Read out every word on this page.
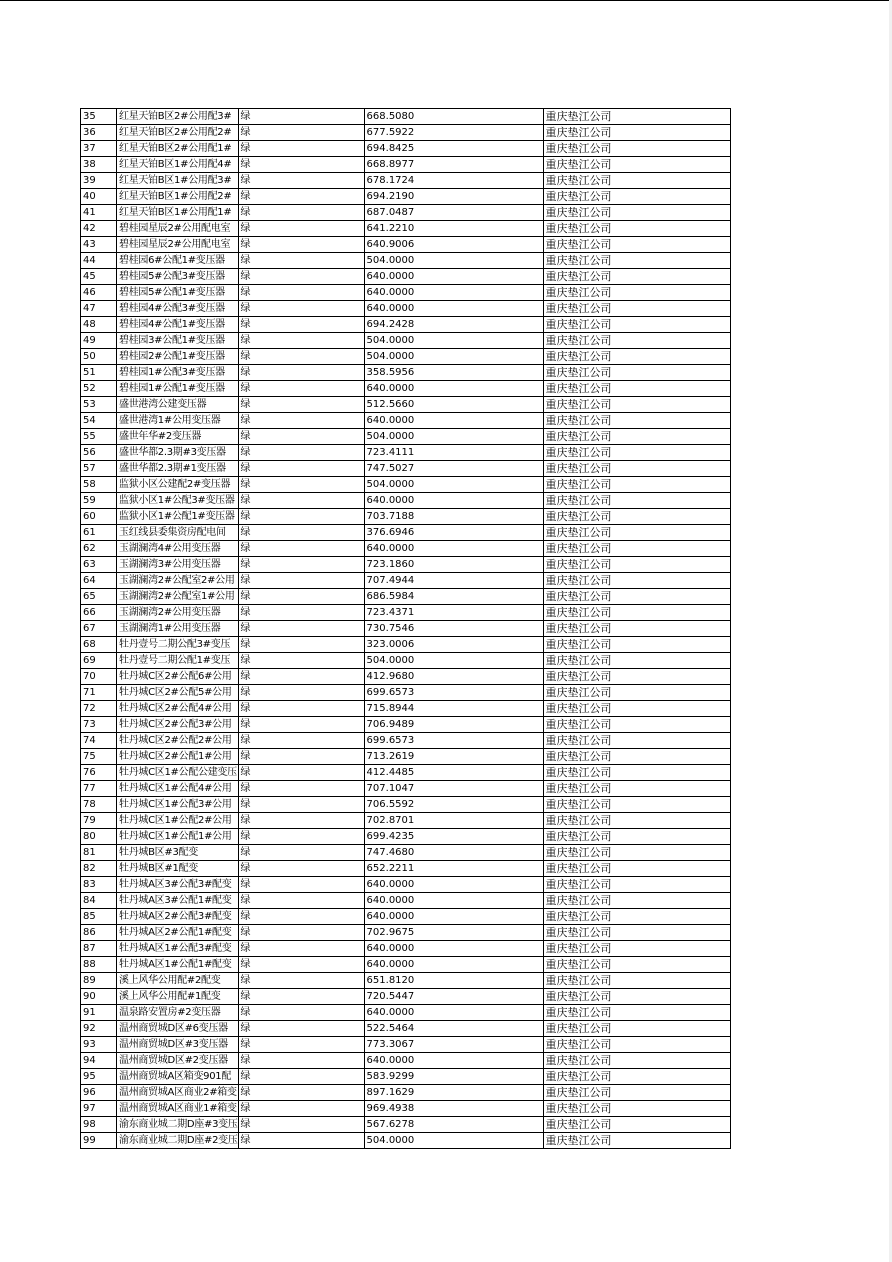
35	红星天铂B区2#公用配3#	绿	668.5080	重庆垫江公司
36	红星天铂B区2#公用配2#	绿	677.5922	重庆垫江公司
37	红星天铂B区2#公用配1#	绿	694.8425	重庆垫江公司
38	红星天铂B区1#公用配4#	绿	668.8977	重庆垫江公司
39	红星天铂B区1#公用配3#	绿	678.1724	重庆垫江公司
40	红星天铂B区1#公用配2#	绿	694.2190	重庆垫江公司
41	红星天铂B区1#公用配1#	绿	687.0487	重庆垫江公司
42	碧桂园星辰2#公用配电室	绿	641.2210	重庆垫江公司
43	碧桂园星辰2#公用配电室	绿	640.9006	重庆垫江公司
44	碧桂园6#公配1#变压器	绿	504.0000	重庆垫江公司
45	碧桂园5#公配3#变压器	绿	640.0000	重庆垫江公司
46	碧桂园5#公配1#变压器	绿	640.0000	重庆垫江公司
47	碧桂园4#公配3#变压器	绿	640.0000	重庆垫江公司
48	碧桂园4#公配1#变压器	绿	694.2428	重庆垫江公司
49	碧桂园3#公配1#变压器	绿	504.0000	重庆垫江公司
50	碧桂园2#公配1#变压器	绿	504.0000	重庆垫江公司
51	碧桂园1#公配3#变压器	绿	358.5956	重庆垫江公司
52	碧桂园1#公配1#变压器	绿	640.0000	重庆垫江公司
53	盛世港湾公建变压器	绿	512.5660	重庆垫江公司
54	盛世港湾1#公用变压器	绿	640.0000	重庆垫江公司
55	盛世年华#2变压器	绿	504.0000	重庆垫江公司
56	盛世华都2.3期#3变压器	绿	723.4111	重庆垫江公司
57	盛世华都2.3期#1变压器	绿	747.5027	重庆垫江公司
58	监狱小区公建配2#变压器	绿	504.0000	重庆垫江公司
59	监狱小区1#公配3#变压器	绿	640.0000	重庆垫江公司
60	监狱小区1#公配1#变压器	绿	703.7188	重庆垫江公司
61	玉红线县委集资房配电间	绿	376.6946	重庆垫江公司
62	玉湖澜湾4#公用变压器	绿	640.0000	重庆垫江公司
63	玉湖澜湾3#公用变压器	绿	723.1860	重庆垫江公司
64	玉湖澜湾2#公配室2#公用	绿	707.4944	重庆垫江公司
65	玉湖澜湾2#公配室1#公用	绿	686.5984	重庆垫江公司
66	玉湖澜湾2#公用变压器	绿	723.4371	重庆垫江公司
67	玉湖澜湾1#公用变压器	绿	730.7546	重庆垫江公司
68	牡丹壹号二期公配3#变压	绿	323.0006	重庆垫江公司
69	牡丹壹号二期公配1#变压	绿	504.0000	重庆垫江公司
70	牡丹城C区2#公配6#公用	绿	412.9680	重庆垫江公司
71	牡丹城C区2#公配5#公用	绿	699.6573	重庆垫江公司
72	牡丹城C区2#公配4#公用	绿	715.8944	重庆垫江公司
73	牡丹城C区2#公配3#公用	绿	706.9489	重庆垫江公司
74	牡丹城C区2#公配2#公用	绿	699.6573	重庆垫江公司
75	牡丹城C区2#公配1#公用	绿	713.2619	重庆垫江公司
76	牡丹城C区1#公配公建变压	绿	412.4485	重庆垫江公司
77	牡丹城C区1#公配4#公用	绿	707.1047	重庆垫江公司
78	牡丹城C区1#公配3#公用	绿	706.5592	重庆垫江公司
79	牡丹城C区1#公配2#公用	绿	702.8701	重庆垫江公司
80	牡丹城C区1#公配1#公用	绿	699.4235	重庆垫江公司
81	牡丹城B区#3配变	绿	747.4680	重庆垫江公司
82	牡丹城B区#1配变	绿	652.2211	重庆垫江公司
83	牡丹城A区3#公配3#配变	绿	640.0000	重庆垫江公司
84	牡丹城A区3#公配1#配变	绿	640.0000	重庆垫江公司
85	牡丹城A区2#公配3#配变	绿	640.0000	重庆垫江公司
86	牡丹城A区2#公配1#配变	绿	702.9675	重庆垫江公司
87	牡丹城A区1#公配3#配变	绿	640.0000	重庆垫江公司
88	牡丹城A区1#公配1#配变	绿	640.0000	重庆垫江公司
89	溪上风华公用配#2配变	绿	651.8120	重庆垫江公司
90	溪上风华公用配#1配变	绿	720.5447	重庆垫江公司
91	温泉路安置房#2变压器	绿	640.0000	重庆垫江公司
92	温州商贸城D区#6变压器	绿	522.5464	重庆垫江公司
93	温州商贸城D区#3变压器	绿	773.3067	重庆垫江公司
94	温州商贸城D区#2变压器	绿	640.0000	重庆垫江公司
95	温州商贸城A区箱变901配	绿	583.9299	重庆垫江公司
96	温州商贸城A区商业2#箱变	绿	897.1629	重庆垫江公司
97	温州商贸城A区商业1#箱变	绿	969.4938	重庆垫江公司
98	渝东商业城二期D座#3变压	绿	567.6278	重庆垫江公司
99	渝东商业城二期D座#2变压	绿	504.0000	重庆垫江公司
